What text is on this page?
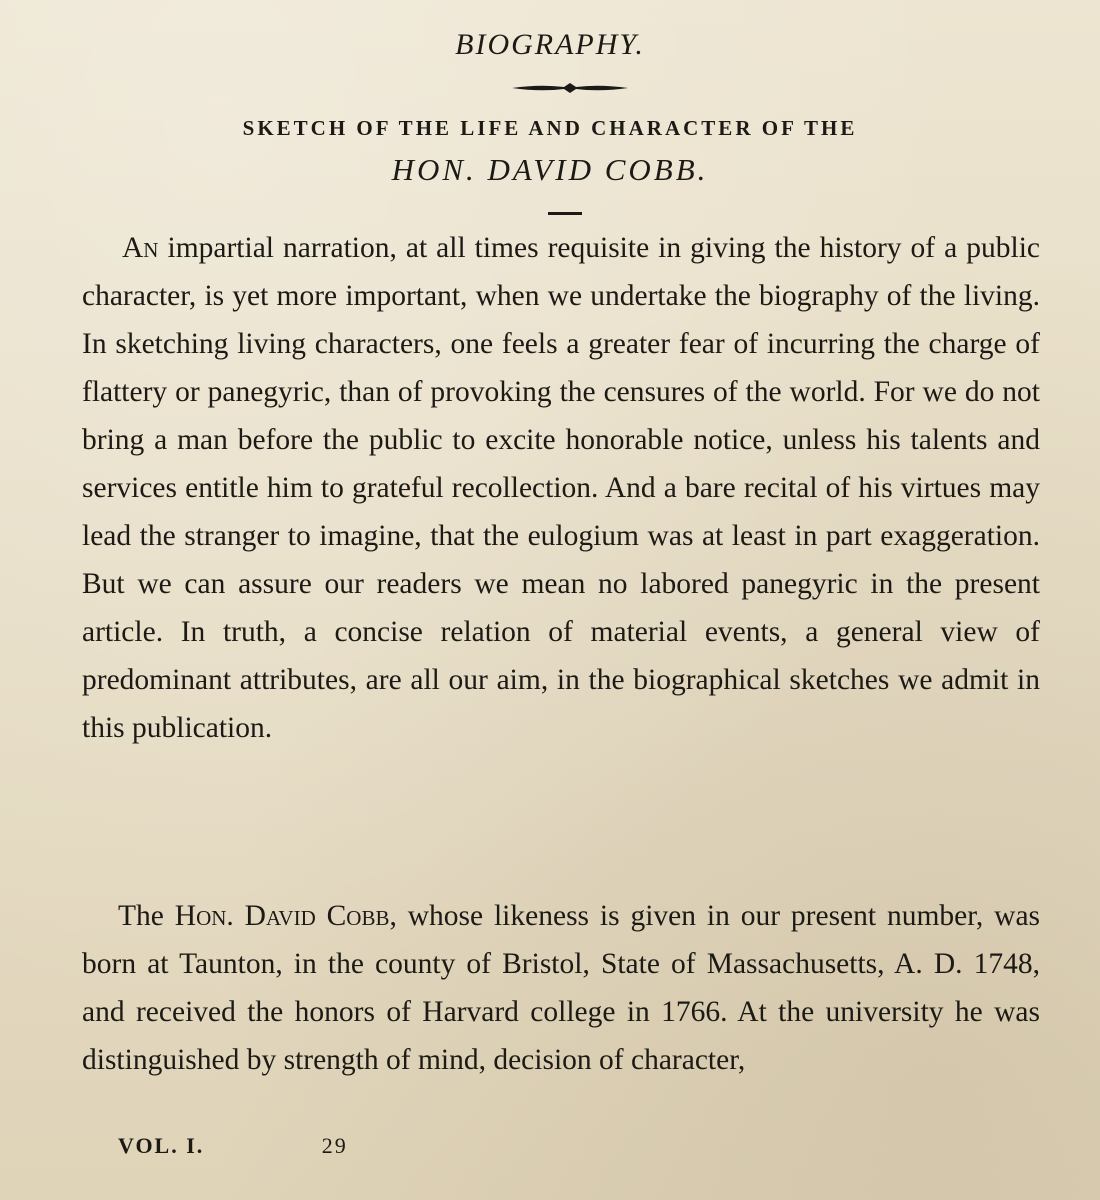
BIOGRAPHY.
SKETCH OF THE LIFE AND CHARACTER OF THE
HON. DAVID COBB.

An impartial narration, at all times requisite in giving the history of a public character, is yet more important, when we undertake the biography of the living. In sketching living characters, one feels a greater fear of incurring the charge of flattery or panegyric, than of provoking the censures of the world. For we do not bring a man before the public to excite honorable notice, unless his talents and services entitle him to grateful recollection. And a bare recital of his virtues may lead the stranger to imagine, that the eulogium was at least in part exaggeration. But we can assure our readers we mean no labored panegyric in the present article. In truth, a concise relation of material events, a general view of predominant attributes, are all our aim, in the biographical sketches we admit in this publication.

The Hon. David Cobb, whose likeness is given in our present number, was born at Taunton, in the county of Bristol, State of Massachusetts, A. D. 1748, and received the honors of Harvard college in 1766. At the university he was distinguished by strength of mind, decision of character,

VOL. I.	29
